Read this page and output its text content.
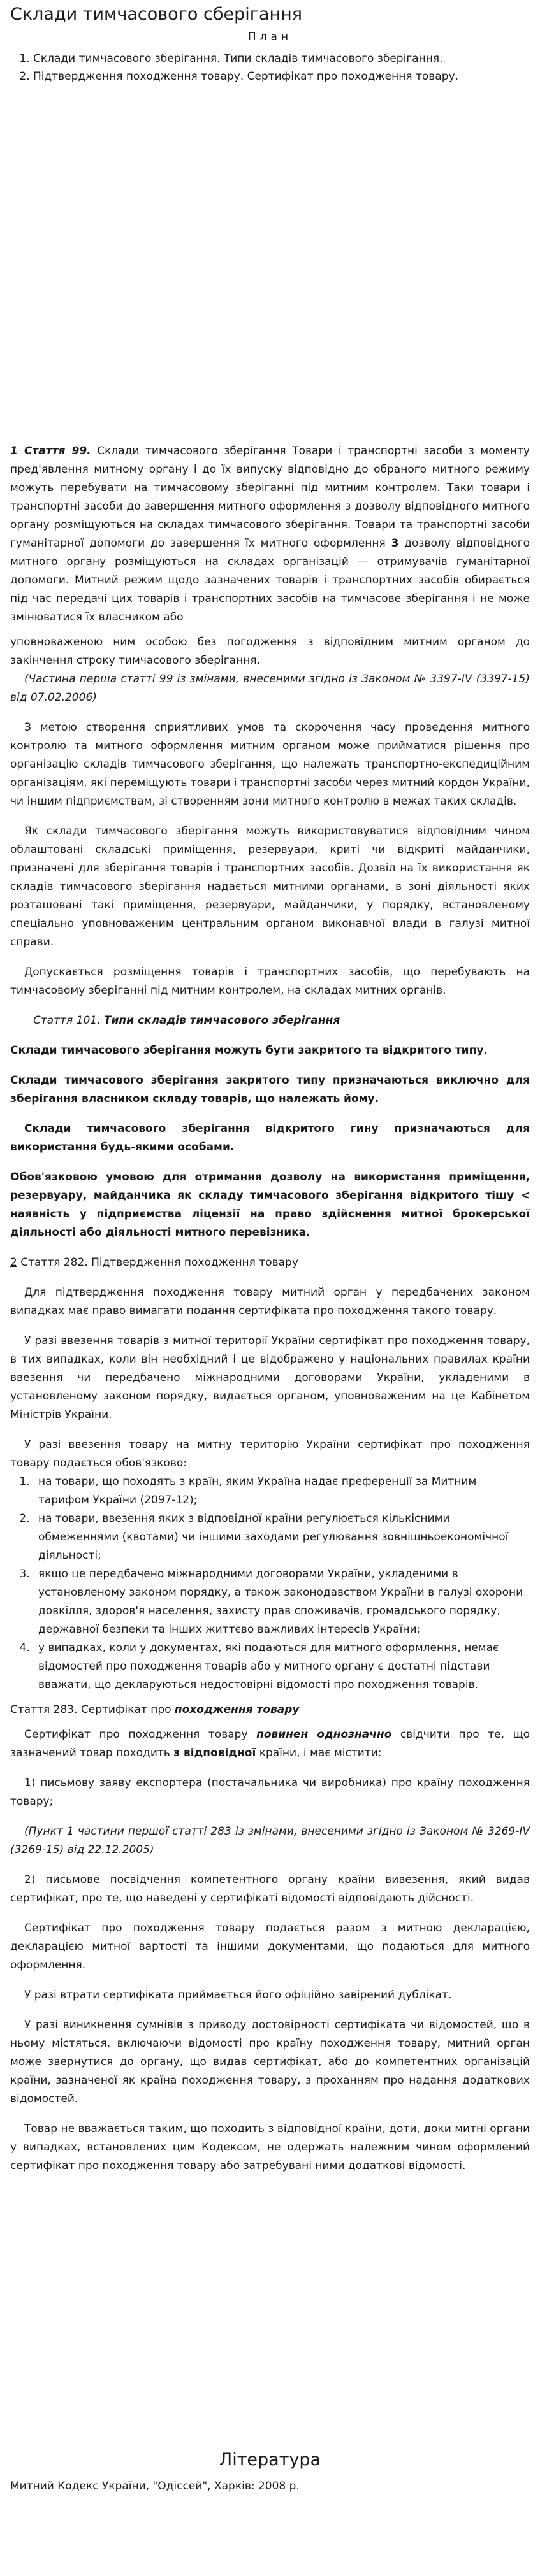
Склади тимчасового сберігання
План
1. Склади тимчасового зберігання. Типи складів тимчасового зберігання.
2. Підтвердження походження товару. Сертифікат про походження товару.

1 Стаття 99. Склади тимчасового зберігання Товари і транспортні засоби з моменту пред'явлення митному органу і до їх випуску відповідно до обраного митного режиму можуть перебувати на тимчасовому зберіганні під митним контролем. Таки товари і транспортні засоби до завершення митного оформлення з дозволу відповідного митного органу розміщуються на складах тимчасового зберігання. Товари та транспортні засоби гуманітарної допомоги до завершення їх митного оформлення 3 дозволу відповідного митного органу розміщуються на складах організацій — отримувачів гуманітарної допомоги. Митний режим щодо зазначених товарів і транспортних засобів обирається під час передачі цих товарів і транспортних засобів на тимчасове зберігання і не може змінюватися їх власником або

уповноваженою ним особою без погодження з відповідним митним органом до закінчення строку тимчасового зберігання.

(Частина перша статті 99 із змінами, внесеними згідно із Законом № 3397-IV (3397-15) від 07.02.2006)

З метою створення сприятливих умов та скорочення часу проведення митного контролю та митного оформлення митним органом може прийматися рішення про організацію складів тимчасового зберігання, що належать транспортно-експедиційним організаціям, які переміщують товари і транспортні засоби через митний кордон України, чи іншим підприємствам, зі створенням зони митного контролю в межах таких складів.

Як склади тимчасового зберігання можуть використовуватися відповідним чином облаштовані складські приміщення, резервуари, криті чи відкриті майданчики, призначені для зберігання товарів і транспортних засобів. Дозвіл на їх використання як складів тимчасового зберігання надається митними органами, в зоні діяльності яких розташовані такі приміщення, резервуари, майданчики, у порядку, встановленому спеціально уповноваженим центральним органом виконавчої влади в галузі митної справи.

Допускається розміщення товарів і транспортних засобів, що перебувають на тимчасовому зберіганні під митним контролем, на складах митних органів.

Стаття 101. Типи складів тимчасового зберігання

Склади тимчасового зберігання можуть бути закритого та відкритого типу.

Склади тимчасового зберігання закритого типу призначаються виключно для зберігання власником складу товарів, що належать йому.

Склади тимчасового зберігання відкритого гину призначаються для використання будь-якими особами.

Обов'язковою умовою для отримання дозволу на використання приміщення, резервуару, майданчика як складу тимчасового зберігання відкритого тішу < наявність у підприємства ліцензії на право здійснення митної брокерської діяльності або діяльності митного перевізника.

2 Стаття 282. Підтвердження походження товару

Для підтвердження походження товару митний орган у передбачених законом випадках має право вимагати подання сертифіката про походження такого товару.

У разі ввезення товарів з митної території України сертифікат про походження товару, в тих випадках, коли він необхідний і це відображено у національних правилах країни ввезення чи передбачено міжнародними договорами України, укладеними в установленому законом порядку, видається органом, уповноваженим на це Кабінетом Міністрів України.

У разі ввезення товару на митну територію України сертифікат про походження товару подається обов'язково:

1. на товари, що походять з країн, яким Україна надає преференції за Митним тарифом України (2097-12);
2. на товари, ввезення яких з відповідної країни регулюється кількісними обмеженнями (квотами) чи іншими заходами регулювання зовнішньоекономічної діяльності;
3. якщо це передбачено міжнародними договорами України, укладеними в установленому законом порядку, а також законодавством України в галузі охорони довкілля, здоров'я населення, захисту прав споживачів, громадського порядку, державної безпеки та інших життєво важливих інтересів України;
4. у випадках, коли у документах, які подаються для митного оформлення, немає відомостей про походження товарів або у митного органу є достатні підстави вважати, що декларуються недостовірні відомості про походження товарів.

Стаття 283. Сертифікат про походження товару

Сертифікат про походження товару повинен однозначно свідчити про те, що зазначений товар походить з відповідної країни, і має містити:

1) письмову заяву експортера (постачальника чи виробника) про країну походження товару;

(Пункт 1 частини першої статті 283 із змінами, внесеними згідно із Законом № 3269-IV (3269-15) від 22.12.2005)

2) письмове посвідчення компетентного органу країни вивезення, який видав сертифікат, про те, що наведені у сертифікаті відомості відповідають дійсності.

Сертифікат про походження товару подається разом з митною декларацією, декларацією митної вартості та іншими документами, що подаються для митного оформлення.

У разі втрати сертифіката приймається його офіційно завірений дублікат.

У разі виникнення сумнівів з приводу достовірності сертифіката чи відомостей, що в ньому містяться, включаючи відомості про країну походження товару, митний орган може звернутися до органу, що видав сертифікат, або до компетентних організацій країни, зазначеної як країна походження товару, з проханням про надання додаткових відомостей.

Товар не вважається таким, що походить з відповідної країни, доти, доки митні органи у випадках, встановлених цим Кодексом, не одержать належним чином оформлений сертифікат про походження товару або затребувані ними додаткові відомості.

Література

Митний Кодекс України, "Одіссей", Харків: 2008 р.
